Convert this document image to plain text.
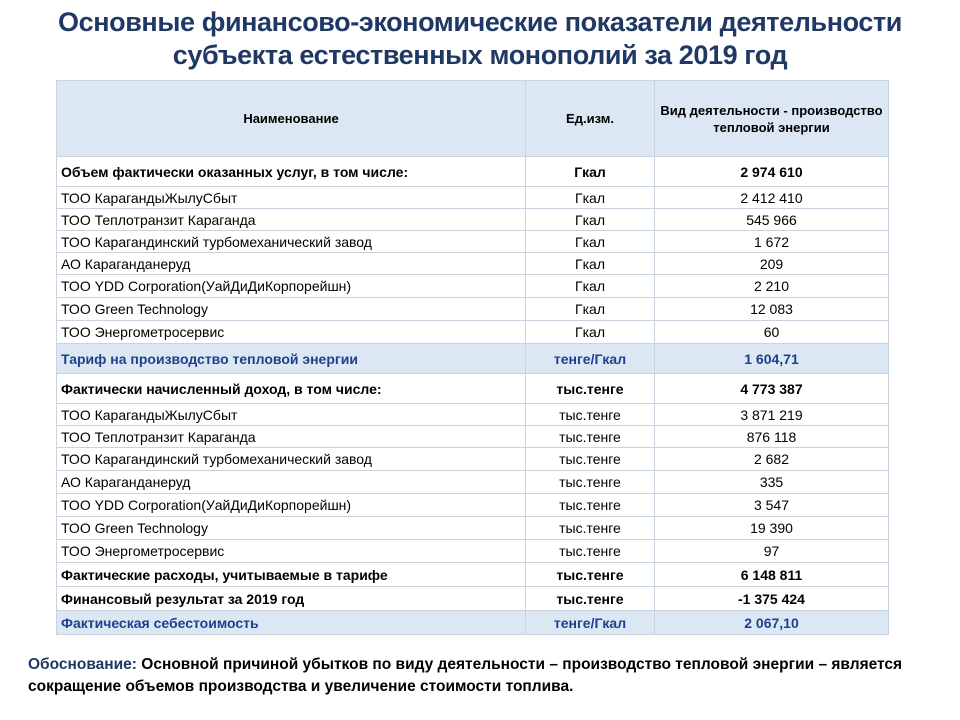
Основные финансово-экономические показатели деятельности
субъекта естественных монополий за 2019 год
Наименование	Ед.изм.	Вид деятельности - производство тепловой энергии
Объем фактически оказанных услуг, в том числе:	Гкал	2 974 610
ТОО КарагандыЖылуСбыт	Гкал	2 412 410
ТОО Теплотранзит Караганда	Гкал	545 966
ТОО Карагандинский турбомеханический завод	Гкал	1 672
АО Караганданеруд	Гкал	209
ТОО YDD Corporation(УайДиДиКорпорейшн)	Гкал	2 210
ТОО Green Technology	Гкал	12 083
ТОО Энергометросервис	Гкал	60
Тариф на производство тепловой энергии	тенге/Гкал	1 604,71
Фактически начисленный доход, в том числе:	тыс.тенге	4 773 387
ТОО КарагандыЖылуСбыт	тыс.тенге	3 871 219
ТОО Теплотранзит Караганда	тыс.тенге	876 118
ТОО Карагандинский турбомеханический завод	тыс.тенге	2 682
АО Караганданеруд	тыс.тенге	335
ТОО YDD Corporation(УайДиДиКорпорейшн)	тыс.тенге	3 547
ТОО Green Technology	тыс.тенге	19 390
ТОО Энергометросервис	тыс.тенге	97
Фактические расходы, учитываемые в тарифе	тыс.тенге	6 148 811
Финансовый результат за 2019 год	тыс.тенге	-1 375 424
Фактическая себестоимость	тенге/Гкал	2 067,10
Обоснование: Основной причиной убытков по виду деятельности – производство тепловой энергии – является сокращение объемов производства и увеличение стоимости топлива.
